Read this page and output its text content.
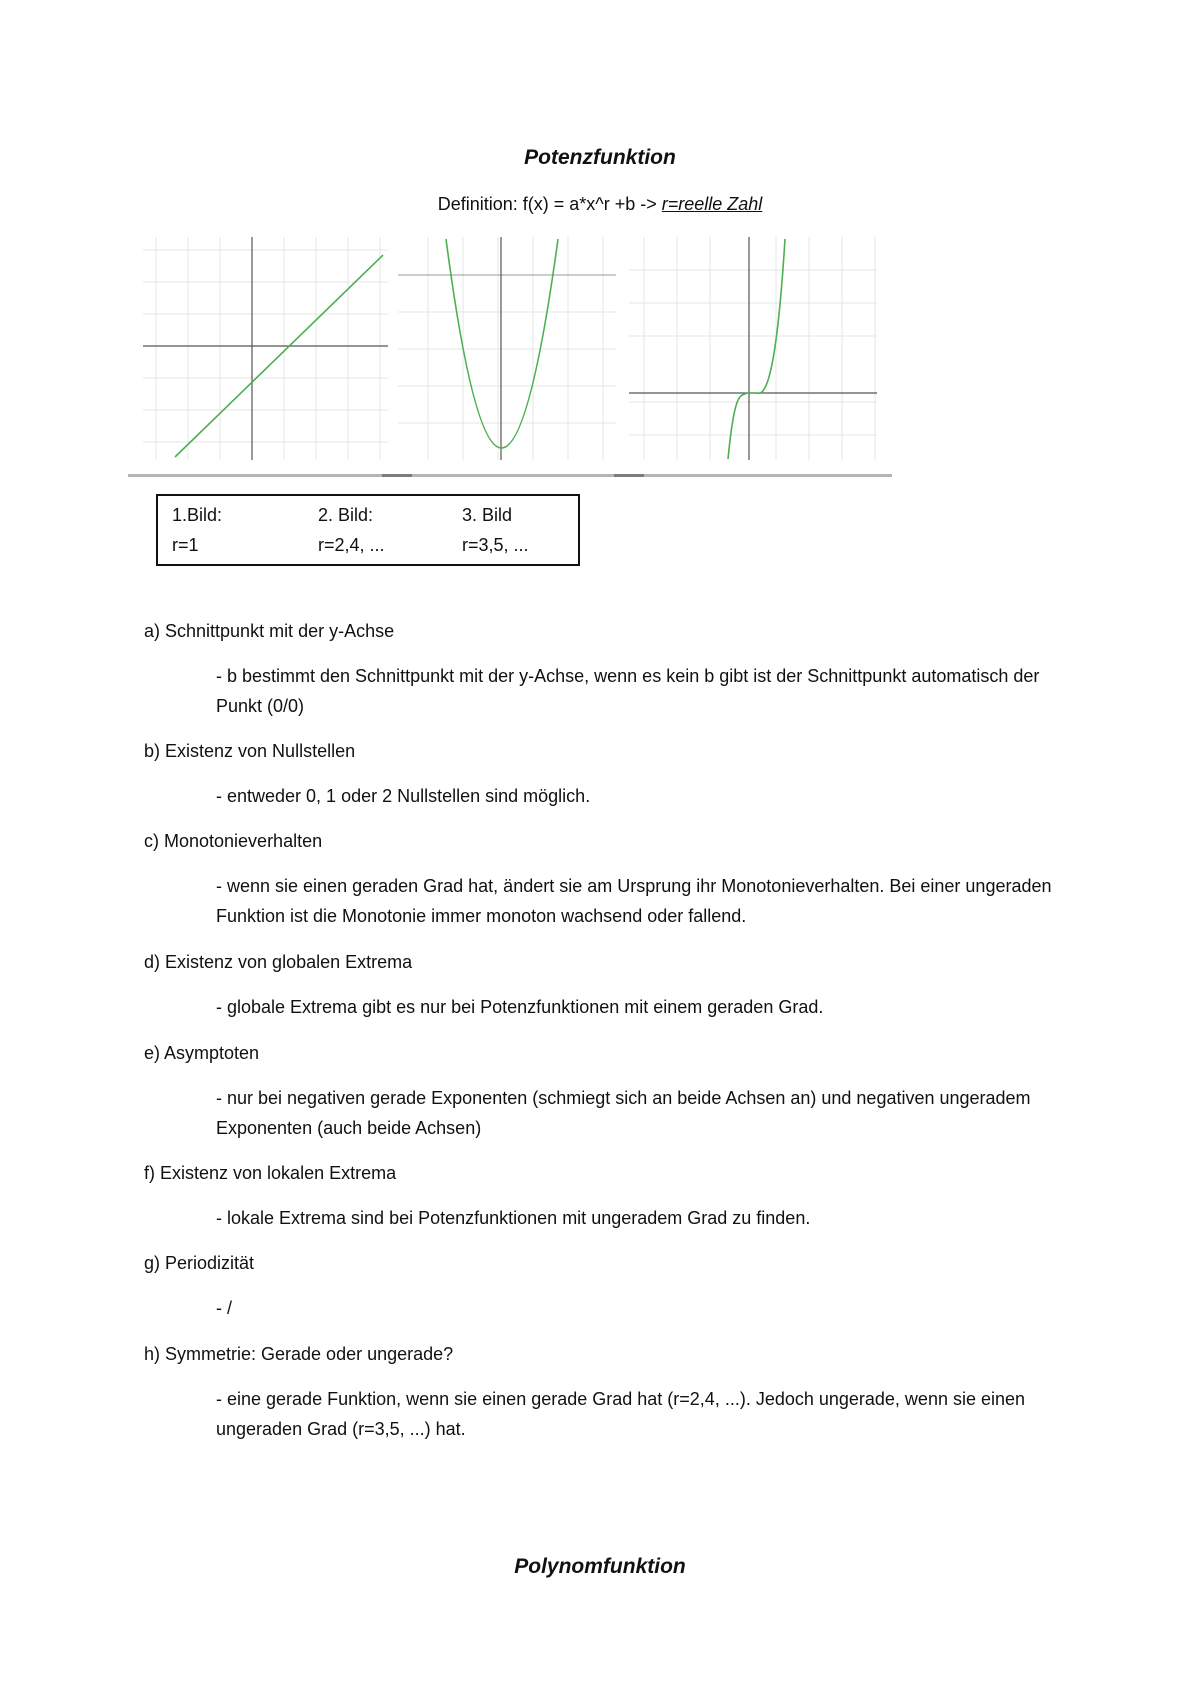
Potenzfunktion
Definition: f(x) = a*x^r +b -> r=reelle Zahl
1.Bild:
r=1
2. Bild:
r=2,4, ...
3. Bild
r=3,5, ...
a) Schnittpunkt mit der y-Achse
- b bestimmt den Schnittpunkt mit der y-Achse, wenn es kein b gibt ist der Schnittpunkt automatisch der Punkt (0/0)
b) Existenz von Nullstellen
- entweder 0, 1 oder 2 Nullstellen sind möglich.
c) Monotonieverhalten
- wenn sie einen geraden Grad hat, ändert sie am Ursprung ihr Monotonieverhalten. Bei einer ungeraden Funktion ist die Monotonie immer monoton wachsend oder fallend.
d) Existenz von globalen Extrema
- globale Extrema gibt es nur bei Potenzfunktionen mit einem geraden Grad.
e) Asymptoten
- nur bei negativen gerade Exponenten (schmiegt sich an beide Achsen an) und negativen ungeradem Exponenten (auch beide Achsen)
f) Existenz von lokalen Extrema
- lokale Extrema sind bei Potenzfunktionen mit ungeradem Grad zu finden.
g) Periodizität
- /
h) Symmetrie: Gerade oder ungerade?
- eine gerade Funktion, wenn sie einen gerade Grad hat (r=2,4, ...). Jedoch ungerade, wenn sie einen ungeraden Grad (r=3,5, ...) hat.
Polynomfunktion
